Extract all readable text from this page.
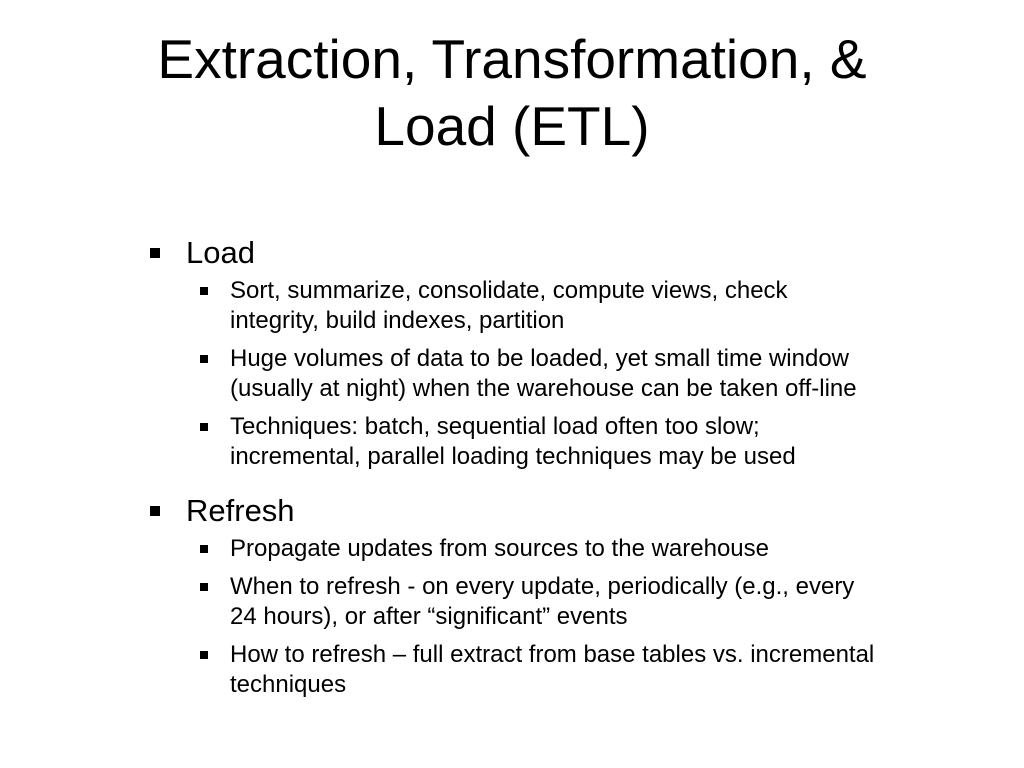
Extraction, Transformation, &
Load (ETL)
Load
Sort, summarize, consolidate, compute views, check
integrity, build indexes, partition
Huge volumes of data to be loaded, yet small time window
(usually at night) when the warehouse can be taken off-line
Techniques: batch, sequential load often too slow;
incremental, parallel loading techniques may be used
Refresh
Propagate updates from sources to the warehouse
When to refresh - on every update, periodically (e.g., every
24 hours), or after “significant” events
How to refresh – full extract from base tables vs. incremental
techniques
